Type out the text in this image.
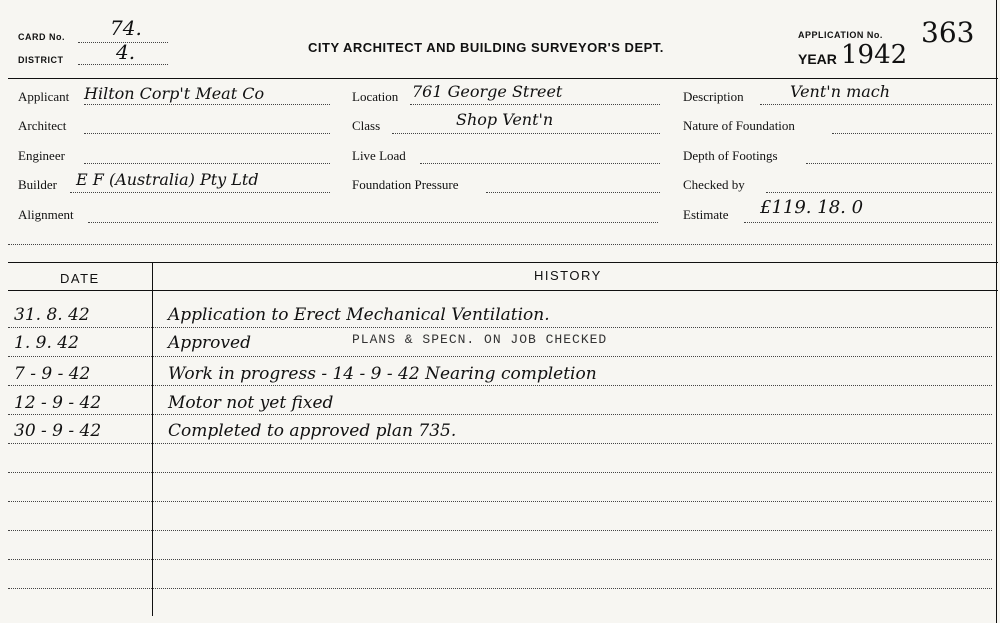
CARD No. 74.
DISTRICT	4.	CITY ARCHITECT AND BUILDING SURVEYOR'S DEPT.
APPLICATION No. 363
YEAR 1942
Applicant Hilton Corp't Meat Co
Architect
Engineer
Builder E F (Australia) Pty Ltd
Alignment
Location 761 George Street
Class	Shop Vent'n
Live Load
Foundation Pressure
Description	Vent'n mach
Nature of Foundation
Depth of Footings
Checked by
Estimate £119. 18. 0
DATE	HISTORY
PLANS & SPECN. ON JOB CHECKED
31. 8. 42	Application to Erect Mechanical Ventilation.
1. 9. 42	Approved
7 - 9 - 42	Work in progress - 14 - 9 - 42 Nearing completion
12 - 9 - 42	Motor not yet fixed
30 - 9 - 42	Completed to approved plan 735.
